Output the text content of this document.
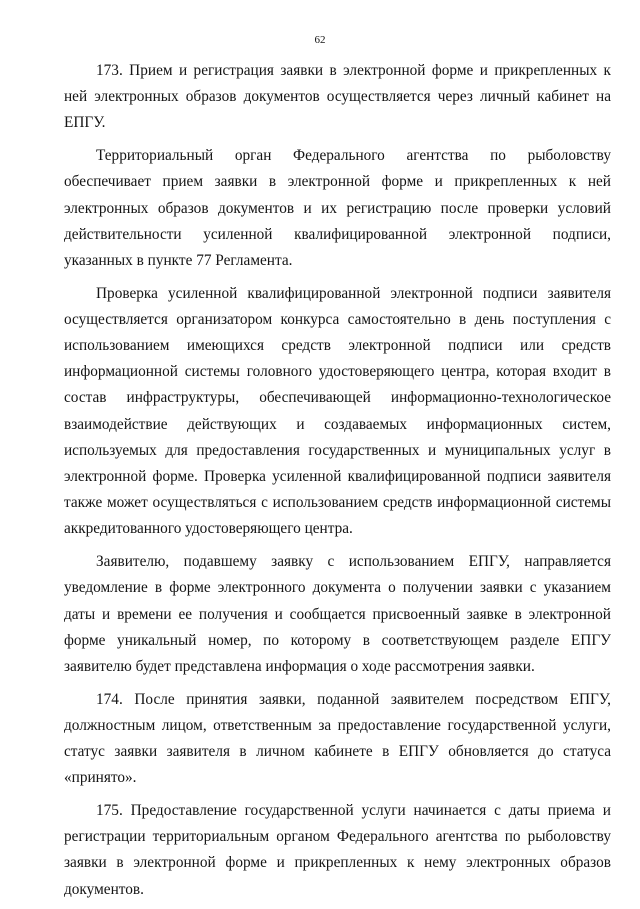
62

173. Прием и регистрация заявки в электронной форме и прикрепленных к ней электронных образов документов осуществляется через личный кабинет на ЕПГУ.

Территориальный орган Федерального агентства по рыболовству обеспечивает прием заявки в электронной форме и прикрепленных к ней электронных образов документов и их регистрацию после проверки условий действительности усиленной квалифицированной электронной подписи, указанных в пункте 77 Регламента.

Проверка усиленной квалифицированной электронной подписи заявителя осуществляется организатором конкурса самостоятельно в день поступления с использованием имеющихся средств электронной подписи или средств информационной системы головного удостоверяющего центра, которая входит в состав инфраструктуры, обеспечивающей информационно-технологическое взаимодействие действующих и создаваемых информационных систем, используемых для предоставления государственных и муниципальных услуг в электронной форме. Проверка усиленной квалифицированной подписи заявителя также может осуществляться с использованием средств информационной системы аккредитованного удостоверяющего центра.

Заявителю, подавшему заявку с использованием ЕПГУ, направляется уведомление в форме электронного документа о получении заявки с указанием даты и времени ее получения и сообщается присвоенный заявке в электронной форме уникальный номер, по которому в соответствующем разделе ЕПГУ заявителю будет представлена информация о ходе рассмотрения заявки.

174. После принятия заявки, поданной заявителем посредством ЕПГУ, должностным лицом, ответственным за предоставление государственной услуги, статус заявки заявителя в личном кабинете в ЕПГУ обновляется до статуса «принято».

175. Предоставление государственной услуги начинается с даты приема и регистрации территориальным органом Федерального агентства по рыболовству заявки в электронной форме и прикрепленных к нему электронных образов документов.
